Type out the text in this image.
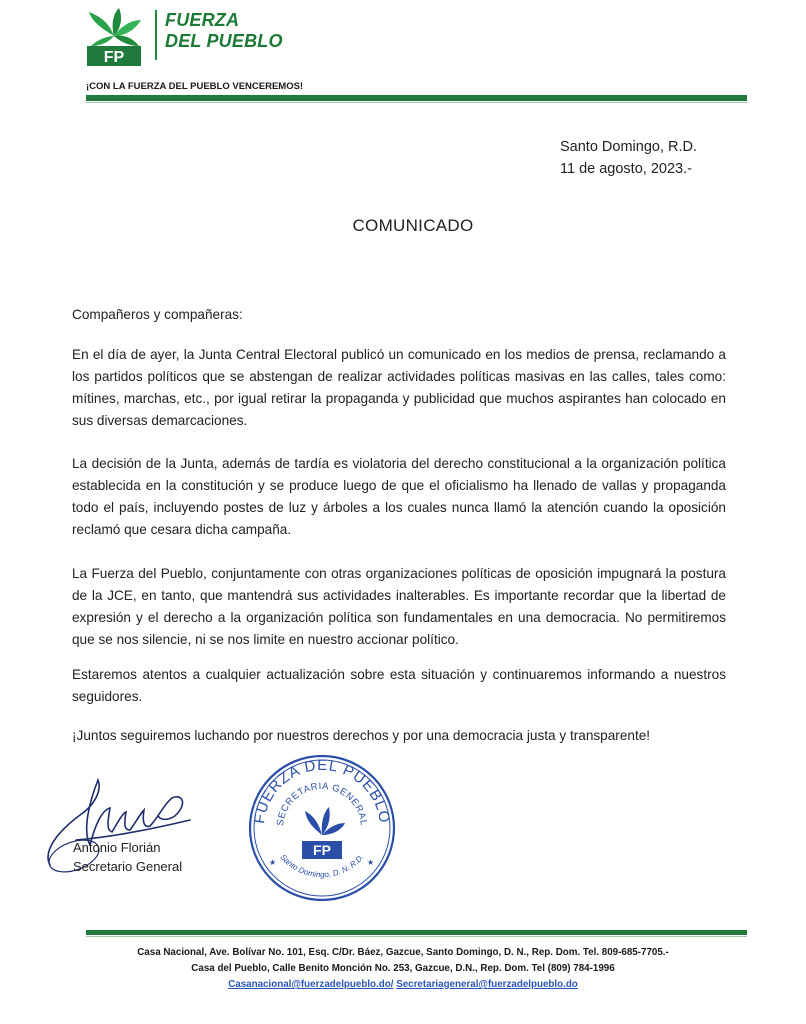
FP
FUERZA
DEL PUEBLO
¡CON LA FUERZA DEL PUEBLO VENCEREMOS!
Santo Domingo, R.D.
11 de agosto, 2023.-
COMUNICADO

Compañeros y compañeras:

En el día de ayer, la Junta Central Electoral publicó un comunicado en los medios de prensa, reclamando a los partidos políticos que se abstengan de realizar actividades políticas masivas en las calles, tales como: mítines, marchas, etc., por igual retirar la propaganda y publicidad que muchos aspirantes han colocado en sus diversas demarcaciones.

La decisión de la Junta, además de tardía es violatoria del derecho constitucional a la organización política establecida en la constitución y se produce luego de que el oficialismo ha llenado de vallas y propaganda todo el país, incluyendo postes de luz y árboles a los cuales nunca llamó la atención cuando la oposición reclamó que cesara dicha campaña.

La Fuerza del Pueblo, conjuntamente con otras organizaciones políticas de oposición impugnará la postura de la JCE, en tanto, que mantendrá sus actividades inalterables. Es importante recordar que la libertad de expresión y el derecho a la organización política son fundamentales en una democracia. No permitiremos que se nos silencie, ni se nos limite en nuestro accionar político.

Estaremos atentos a cualquier actualización sobre esta situación y continuaremos informando a nuestros seguidores.

¡Juntos seguiremos luchando por nuestros derechos y por una democracia justa y transparente!

Antonio Florián
Secretario General
FUERZA DEL PUEBLO
SECRETARIA GENERAL
Santo Domingo, D. N. R.D.
FP
★	★
Casa Nacional, Ave. Bolívar No. 101, Esq. C/Dr. Báez, Gazcue, Santo Domingo, D. N., Rep. Dom. Tel. 809-685-7705.-
Casa del Pueblo, Calle Benito Monción No. 253, Gazcue, D.N., Rep. Dom. Tel (809) 784-1996
Casanacional@fuerzadelpueblo.do/ Secretariageneral@fuerzadelpueblo.do
